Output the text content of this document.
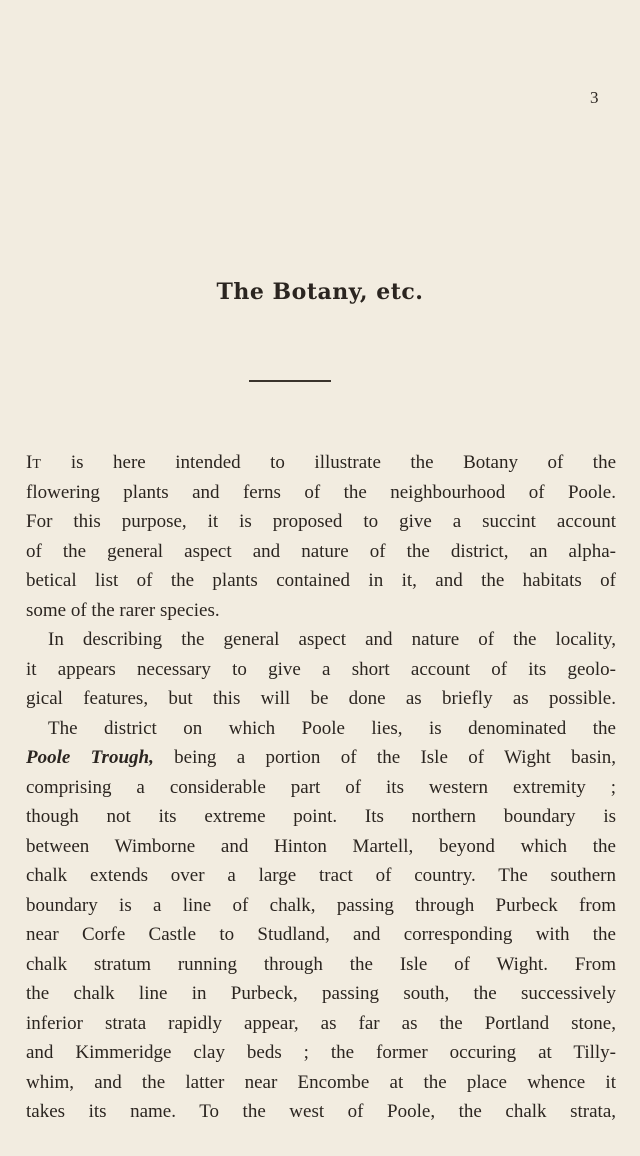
3
The Botany, etc.
IT is here intended to illustrate the Botany of the
flowering plants and ferns of the neighbourhood of Poole.
For this purpose, it is proposed to give a succint account
of the general aspect and nature of the district, an alpha-
betical list of the plants contained in it, and the habitats of
some of the rarer species.
In describing the general aspect and nature of the locality,
it appears necessary to give a short account of its geolo-
gical features, but this will be done as briefly as possible.
The district on which Poole lies, is denominated the
Poole Trough, being a portion of the Isle of Wight basin,
comprising a considerable part of its western extremity ;
though not its extreme point. Its northern boundary is
between Wimborne and Hinton Martell, beyond which the
chalk extends over a large tract of country. The southern
boundary is a line of chalk, passing through Purbeck from
near Corfe Castle to Studland, and corresponding with the
chalk stratum running through the Isle of Wight. From
the chalk line in Purbeck, passing south, the successively
inferior strata rapidly appear, as far as the Portland stone,
and Kimmeridge clay beds ; the former occuring at Tilly-
whim, and the latter near Encombe at the place whence it
takes its name. To the west of Poole, the chalk strata,
